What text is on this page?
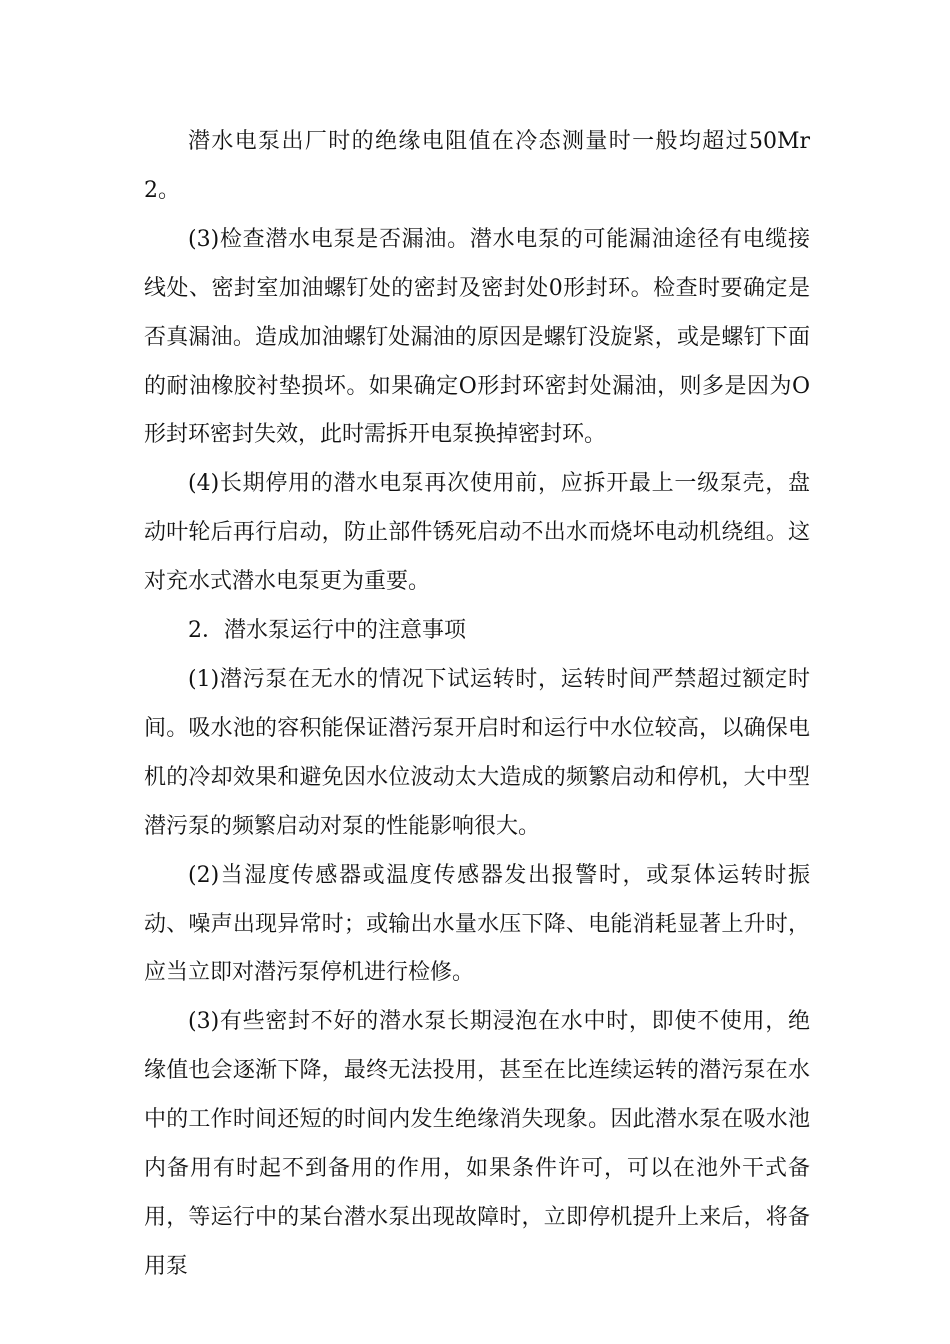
潜水电泵出厂时的绝缘电阻值在冷态测量时一般均超过50Mr2。

(3)检查潜水电泵是否漏油。潜水电泵的可能漏油途径有电缆接线处、密封室加油螺钉处的密封及密封处0形封环。检查时要确定是否真漏油。造成加油螺钉处漏油的原因是螺钉没旋紧，或是螺钉下面的耐油橡胶衬垫损坏。如果确定O形封环密封处漏油，则多是因为O形封环密封失效，此时需拆开电泵换掉密封环。

(4)长期停用的潜水电泵再次使用前，应拆开最上一级泵壳，盘动叶轮后再行启动，防止部件锈死启动不出水而烧坏电动机绕组。这对充水式潜水电泵更为重要。

2．潜水泵运行中的注意事项

(1)潜污泵在无水的情况下试运转时，运转时间严禁超过额定时间。吸水池的容积能保证潜污泵开启时和运行中水位较高，以确保电机的冷却效果和避免因水位波动太大造成的频繁启动和停机，大中型潜污泵的频繁启动对泵的性能影响很大。

(2)当湿度传感器或温度传感器发出报警时，或泵体运转时振动、噪声出现异常时；或输出水量水压下降、电能消耗显著上升时，应当立即对潜污泵停机进行检修。

(3)有些密封不好的潜水泵长期浸泡在水中时，即使不使用，绝缘值也会逐渐下降，最终无法投用，甚至在比连续运转的潜污泵在水中的工作时间还短的时间内发生绝缘消失现象。因此潜水泵在吸水池内备用有时起不到备用的作用，如果条件许可，可以在池外干式备用，等运行中的某台潜水泵出现故障时，立即停机提升上来后，将备用泵
